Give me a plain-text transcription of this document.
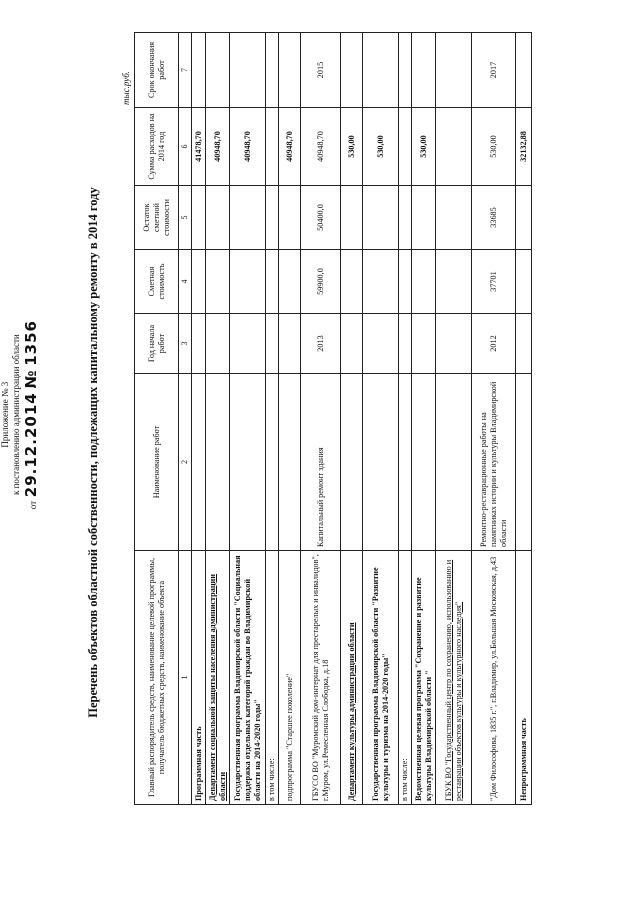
Приложение № 3 к постановлению администрации области
от 29.12.2014 № 1356	Перечень объектов областной собственности, подлежащих капитальному ремонту в 2014 году
тыс.руб.
Главный распорядитель средств, наименование целевой программы, получатель бюджетных средств, наименование объекта	Наименование работ	Год начала работ	Сметная стоимость	Остаток сметной стоимости	Сумма расходов на 2014 год	Срок окончания работ
1	2	3	4	5	6	7
Программная часть					41478,70	
Департамент социальной защиты населения администрации области					40948,70	
Государственная программа Владимирской области "Социальная поддержка отдельных категорий граждан во Владимирской области на 2014-2020 годы"					40948,70	
в том числе:						
подпрограмма "Старшее поколение"					40948,70	
ГБУСО ВО "Муромский дом-интернат для престарелых и инвалидов", г.Муром, ул.Ремесленная Слободка, д.18	Капитальный ремонт здания	2013	59900,0	50400,0	40948,70	2015
Департамент культуры администрации области					530,00	
Государственная программа Владимирской области "Развитие культуры и туризма на 2014-2020 годы"					530,00	
в том числе:						
Ведомственная целевая программа "Сохранение и развитие культуры Владимирской области "					530,00	
ГБУК ВО "Государственный центр по сохранению, использованию и реставрации объектов культуры и культурного наследия"						
"Дом Философова, 1835 г.", г.Владимир, ул.Большая Московская, д.43	Ремонтно-реставрационные работы на памятниках истории и культуры Владимирской области	2012	37701	33685	530,00	2017
Непрограммная часть					32132,88	
